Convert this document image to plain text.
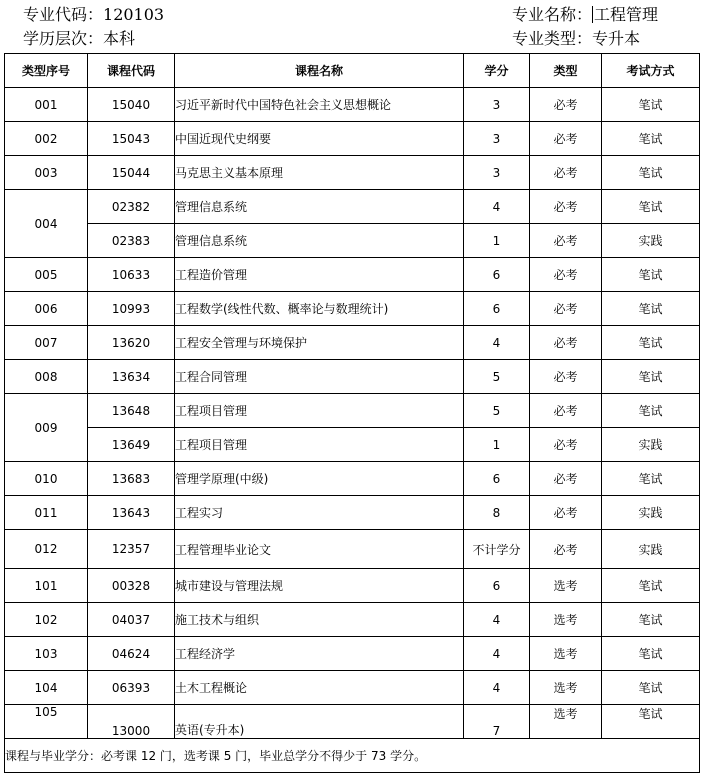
专业代码：120103
学历层次：本科
专业名称： 工程管理
专业类型：专升本
类型序号	课程代码	课程名称	学分	类型	考试方式
001	15040	习近平新时代中国特色社会主义思想概论	3	必考	笔试
002	15043	中国近现代史纲要	3	必考	笔试
003	15044	马克思主义基本原理	3	必考	笔试
004	02382	管理信息系统	4	必考	笔试
	02383	管理信息系统	1	必考	实践
005	10633	工程造价管理	6	必考	笔试
006	10993	工程数学(线性代数、概率论与数理统计)	6	必考	笔试
007	13620	工程安全管理与环境保护	4	必考	笔试
008	13634	工程合同管理	5	必考	笔试
009	13648	工程项目管理	5	必考	笔试
	13649	工程项目管理	1	必考	实践
010	13683	管理学原理(中级)	6	必考	笔试
011	13643	工程实习	8	必考	实践
012	12357	工程管理毕业论文	不计学分	必考	实践
101	00328	城市建设与管理法规	6	选考	笔试
102	04037	施工技术与组织	4	选考	笔试
103	04624	工程经济学	4	选考	笔试
104	06393	土木工程概论	4	选考	笔试
105	13000	英语(专升本)	7	选考	笔试
课程与毕业学分：必考课 12 门，选考课 5 门，毕业总学分不得少于 73 学分。					
